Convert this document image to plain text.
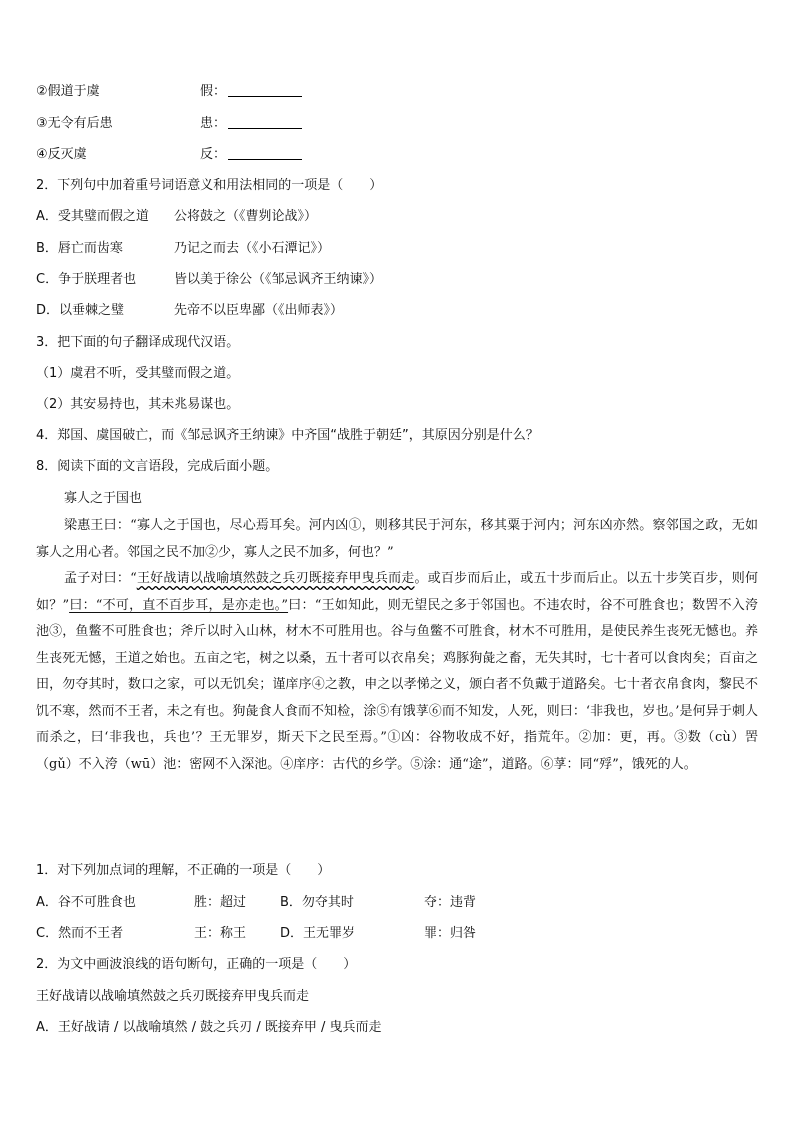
②假道于虞	假：
③无令有后患	患：
④反灭虞	反：
2．下列句中加着重号词语意义和用法相同的一项是（　　）
A．受其璧而假之道 公将鼓之（《曹刿论战》）
B．唇亡而齿寒	乃记之而去（《小石潭记》）
C．争于朕理者也	皆以美于徐公（《邹忌讽齐王纳谏》）
D．以垂棘之璧	先帝不以臣卑鄙（《出师表》）
3．把下面的句子翻译成现代汉语。
（1）虞君不听，受其璧而假之道。
（2）其安易持也，其未兆易谋也。
4．郑国、虞国破亡，而《邹忌讽齐王纳谏》中齐国“战胜于朝廷”，其原因分别是什么？
8．阅读下面的文言语段，完成后面小题。
寡人之于国也

梁惠王曰：“寡人之于国也，尽心焉耳矣。河内凶①，则移其民于河东，移其粟于河内；河东凶亦然。察邻国之政，无如寡人之用心者。邻国之民不加②少，寡人之民不加多，何也？”

孟子对曰：“王好战请以战喻填然鼓之兵刃既接弃甲曳兵而走。或百步而后止，或五十步而后止。以五十步笑百步，则何如？”曰：“不可，直不百步耳，是亦走也。”曰：“王如知此，则无望民之多于邻国也。不违农时，谷不可胜食也；数罟不入洿池③，鱼鳖不可胜食也；斧斤以时入山林，材木不可胜用也。谷与鱼鳖不可胜食，材木不可胜用，是使民养生丧死无憾也。养生丧死无憾，王道之始也。五亩之宅，树之以桑，五十者可以衣帛矣；鸡豚狗彘之畜，无失其时，七十者可以食肉矣；百亩之田，勿夺其时，数口之家，可以无饥矣；谨庠序④之教，申之以孝悌之义，颁白者不负戴于道路矣。七十者衣帛食肉，黎民不饥不寒，然而不王者，未之有也。狗彘食人食而不知检，涂⑤有饿莩⑥而不知发，人死，则曰：‘非我也，岁也。’是何异于刺人而杀之，曰‘非我也，兵也’？王无罪岁，斯天下之民至焉。”①凶：谷物收成不好，指荒年。②加：更，再。③数（cù）罟（gǔ）不入洿（wū）池：密网不入深池。④庠序：古代的乡学。⑤涂：通“途”，道路。⑥莩：同“殍”，饿死的人。

1．对下列加点词的理解，不正确的一项是（　　）
A．谷不可胜食也	胜：超过	B．勿夺其时	夺：违背
C．然而不王者	王：称王	D．王无罪岁	罪：归咎
2．为文中画波浪线的语句断句，正确的一项是（　　）
王好战请以战喻填然鼓之兵刃既接弃甲曳兵而走
A．王好战请 / 以战喻填然 / 鼓之兵刃 / 既接弃甲 / 曳兵而走
